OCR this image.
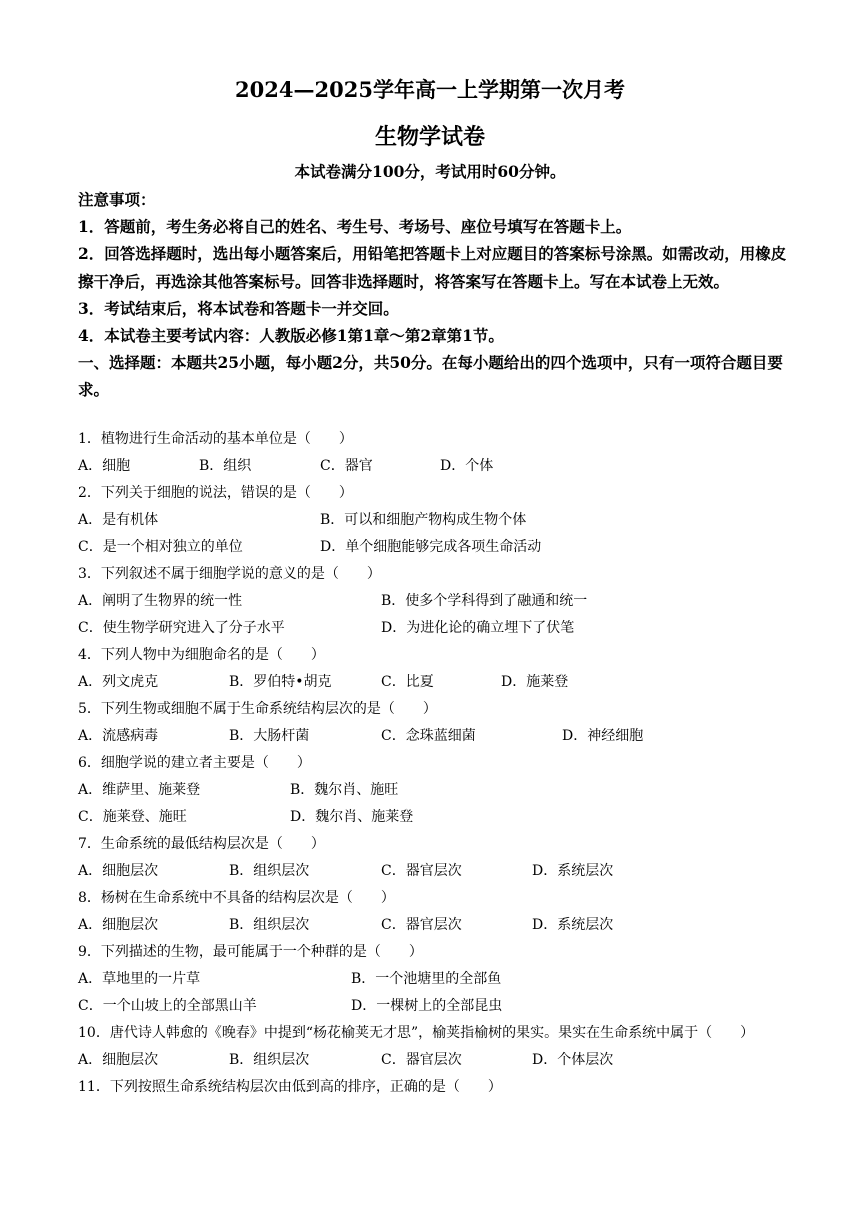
2024—2025学年高一上学期第一次月考
生物学试卷
本试卷满分100分，考试用时60分钟。

注意事项：

1．答题前，考生务必将自己的姓名、考生号、考场号、座位号填写在答题卡上。

2．回答选择题时，选出每小题答案后，用铅笔把答题卡上对应题目的答案标号涂黑。如需改动，用橡皮擦干净后，再选涂其他答案标号。回答非选择题时，将答案写在答题卡上。写在本试卷上无效。

3．考试结束后，将本试卷和答题卡一并交回。

4．本试卷主要考试内容：人教版必修1第1章～第2章第1节。

一、选择题：本题共25小题，每小题2分，共50分。在每小题给出的四个选项中，只有一项符合题目要求。

1．植物进行生命活动的基本单位是（　　）
A．细胞	B．组织	C．器官	D．个体
2．下列关于细胞的说法，错误的是（　　）
A．是有机体	B．可以和细胞产物构成生物个体
C．是一个相对独立的单位	D．单个细胞能够完成各项生命活动
3．下列叙述不属于细胞学说的意义的是（　　）
A．阐明了生物界的统一性	B．使多个学科得到了融通和统一
C．使生物学研究进入了分子水平	D．为进化论的确立埋下了伏笔
4．下列人物中为细胞命名的是（　　）
A．列文虎克	B．罗伯特•胡克	C．比夏	D．施莱登
5．下列生物或细胞不属于生命系统结构层次的是（　　）
A．流感病毒	B．大肠杆菌	C．念珠蓝细菌	D．神经细胞
6．细胞学说的建立者主要是（　　）
A．维萨里、施莱登	B．魏尔肖、施旺
C．施莱登、施旺	D．魏尔肖、施莱登
7．生命系统的最低结构层次是（　　）
A．细胞层次	B．组织层次	C．器官层次	D．系统层次
8．杨树在生命系统中不具备的结构层次是（　　）
A．细胞层次	B．组织层次	C．器官层次	D．系统层次
9．下列描述的生物，最可能属于一个种群的是（　　）
A．草地里的一片草	B．一个池塘里的全部鱼
C．一个山坡上的全部黑山羊	D．一棵树上的全部昆虫
10．唐代诗人韩愈的《晚春》中提到“杨花榆荚无才思”，榆荚指榆树的果实。果实在生命系统中属于（　　）
A．细胞层次	B．组织层次	C．器官层次	D．个体层次
11．下列按照生命系统结构层次由低到高的排序，正确的是（　　）
